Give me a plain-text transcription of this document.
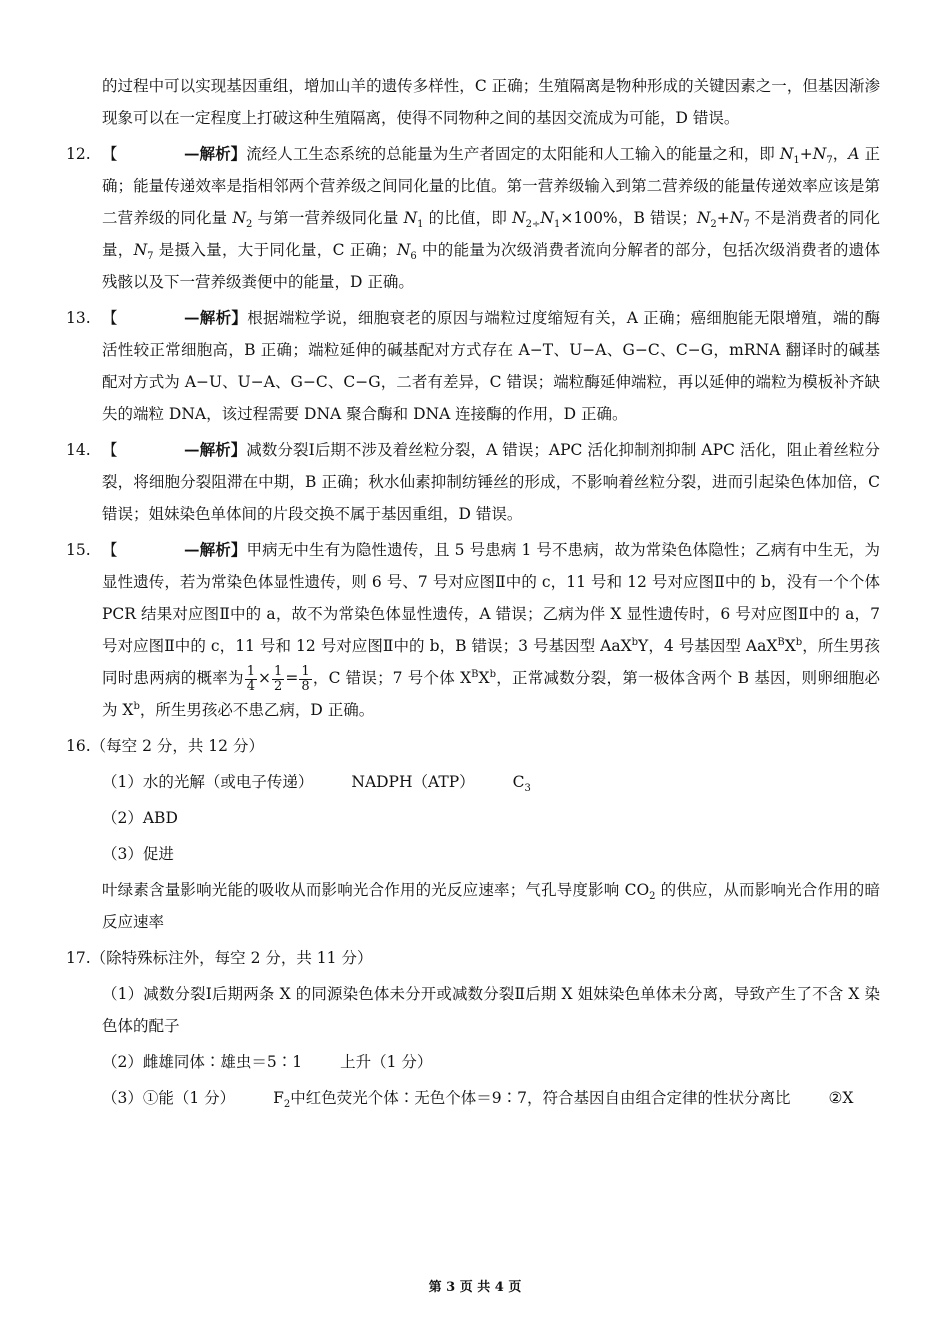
的过程中可以实现基因重组，增加山羊的遗传多样性，C 正确；生殖隔离是物种形成的关键因素之一，但基因渐渗现象可以在一定程度上打破这种生殖隔离，使得不同物种之间的基因交流成为可能，D 错误。

12. 【	—解析】流经人工生态系统的总能量为生产者固定的太阳能和人工输入的能量之和，即 $N_1+N_7$，A 正确；能量传递效率是指相邻两个营养级之间同化量的比值。第一营养级输入到第二营养级的能量传递效率应该是第二营养级的同化量 $N_2$ 与第一营养级同化量 $N_1$ 的比值，即 $N_{2\div}N_1\times 100\%$，B 错误；$N_2+N_7$ 不是消费者的同化量，$N_7$ 是摄入量，大于同化量，C 正确；$N_6$ 中的能量为次级消费者流向分解者的部分，包括次级消费者的遗体残骸以及下一营养级粪便中的能量，D 正确。
13. 【	—解析】根据端粒学说，细胞衰老的原因与端粒过度缩短有关，A 正确；癌细胞能无限增殖，端的酶活性较正常细胞高，B 正确；端粒延伸的碱基配对方式存在 A−T、U−A、G−C、C−G，mRNA 翻译时的碱基配对方式为 A−U、U−A、G−C、C−G，二者有差异，C 错误；端粒酶延伸端粒，再以延伸的端粒为模板补齐缺失的端粒 DNA，该过程需要 DNA 聚合酶和 DNA 连接酶的作用，D 正确。
14. 【	—解析】减数分裂Ⅰ后期不涉及着丝粒分裂，A 错误；APC 活化抑制剂抑制 APC 活化，阻止着丝粒分裂，将细胞分裂阻滞在中期，B 正确；秋水仙素抑制纺锤丝的形成，不影响着丝粒分裂，进而引起染色体加倍，C 错误；姐妹染色单体间的片段交换不属于基因重组，D 错误。
15. 【	—解析】甲病无中生有为隐性遗传，且 5 号患病 1 号不患病，故为常染色体隐性；乙病有中生无，为显性遗传，若为常染色体显性遗传，则 6 号、7 号对应图Ⅱ中的 c，11 号和 12 号对应图Ⅱ中的 b，没有一个个体 PCR 结果对应图Ⅱ中的 a，故不为常染色体显性遗传，A 错误；乙病为伴 X 显性遗传时，6 号对应图Ⅱ中的 a，7 号对应图Ⅱ中的 c，11 号和 12 号对应图Ⅱ中的 b，B 错误；3 号基因型 AaX$^b$Y，4 号基因型 $AaX^BX^b$，所生男孩同时患两病的概率为 $\frac{1}{4} \times \frac{1}{2} = \frac{1}{8}$ ，C 错误；7 号个体 $X^BX^b$，正常减数分裂，第一极体含两个 B 基因，则卵细胞必为 $X^b$，所生男孩必不患乙病，D 正确。

16.（每空 2 分，共 12 分）

（1）水的光解（或电子传递） NADPH（ATP） $C_3$

（2）ABD

（3）促进

叶绿素含量影响光能的吸收从而影响光合作用的光反应速率；气孔导度影响 $CO_2$ 的供应，从而影响光合作用的暗反应速率

17.（除特殊标注外，每空 2 分，共 11 分）

（1）减数分裂Ⅰ后期两条 X 的同源染色体未分开或减数分裂Ⅱ后期 X 姐妹染色单体未分离，导致产生了不含 X 染色体的配子

（2）雌雄同体∶雄虫＝5∶1 上升（1 分）

（3）①能（1 分） $F_2$中红色荧光个体∶无色个体＝9∶7，符合基因自由组合定律的性状分离比 ②X

第 3 页 共 4 页
